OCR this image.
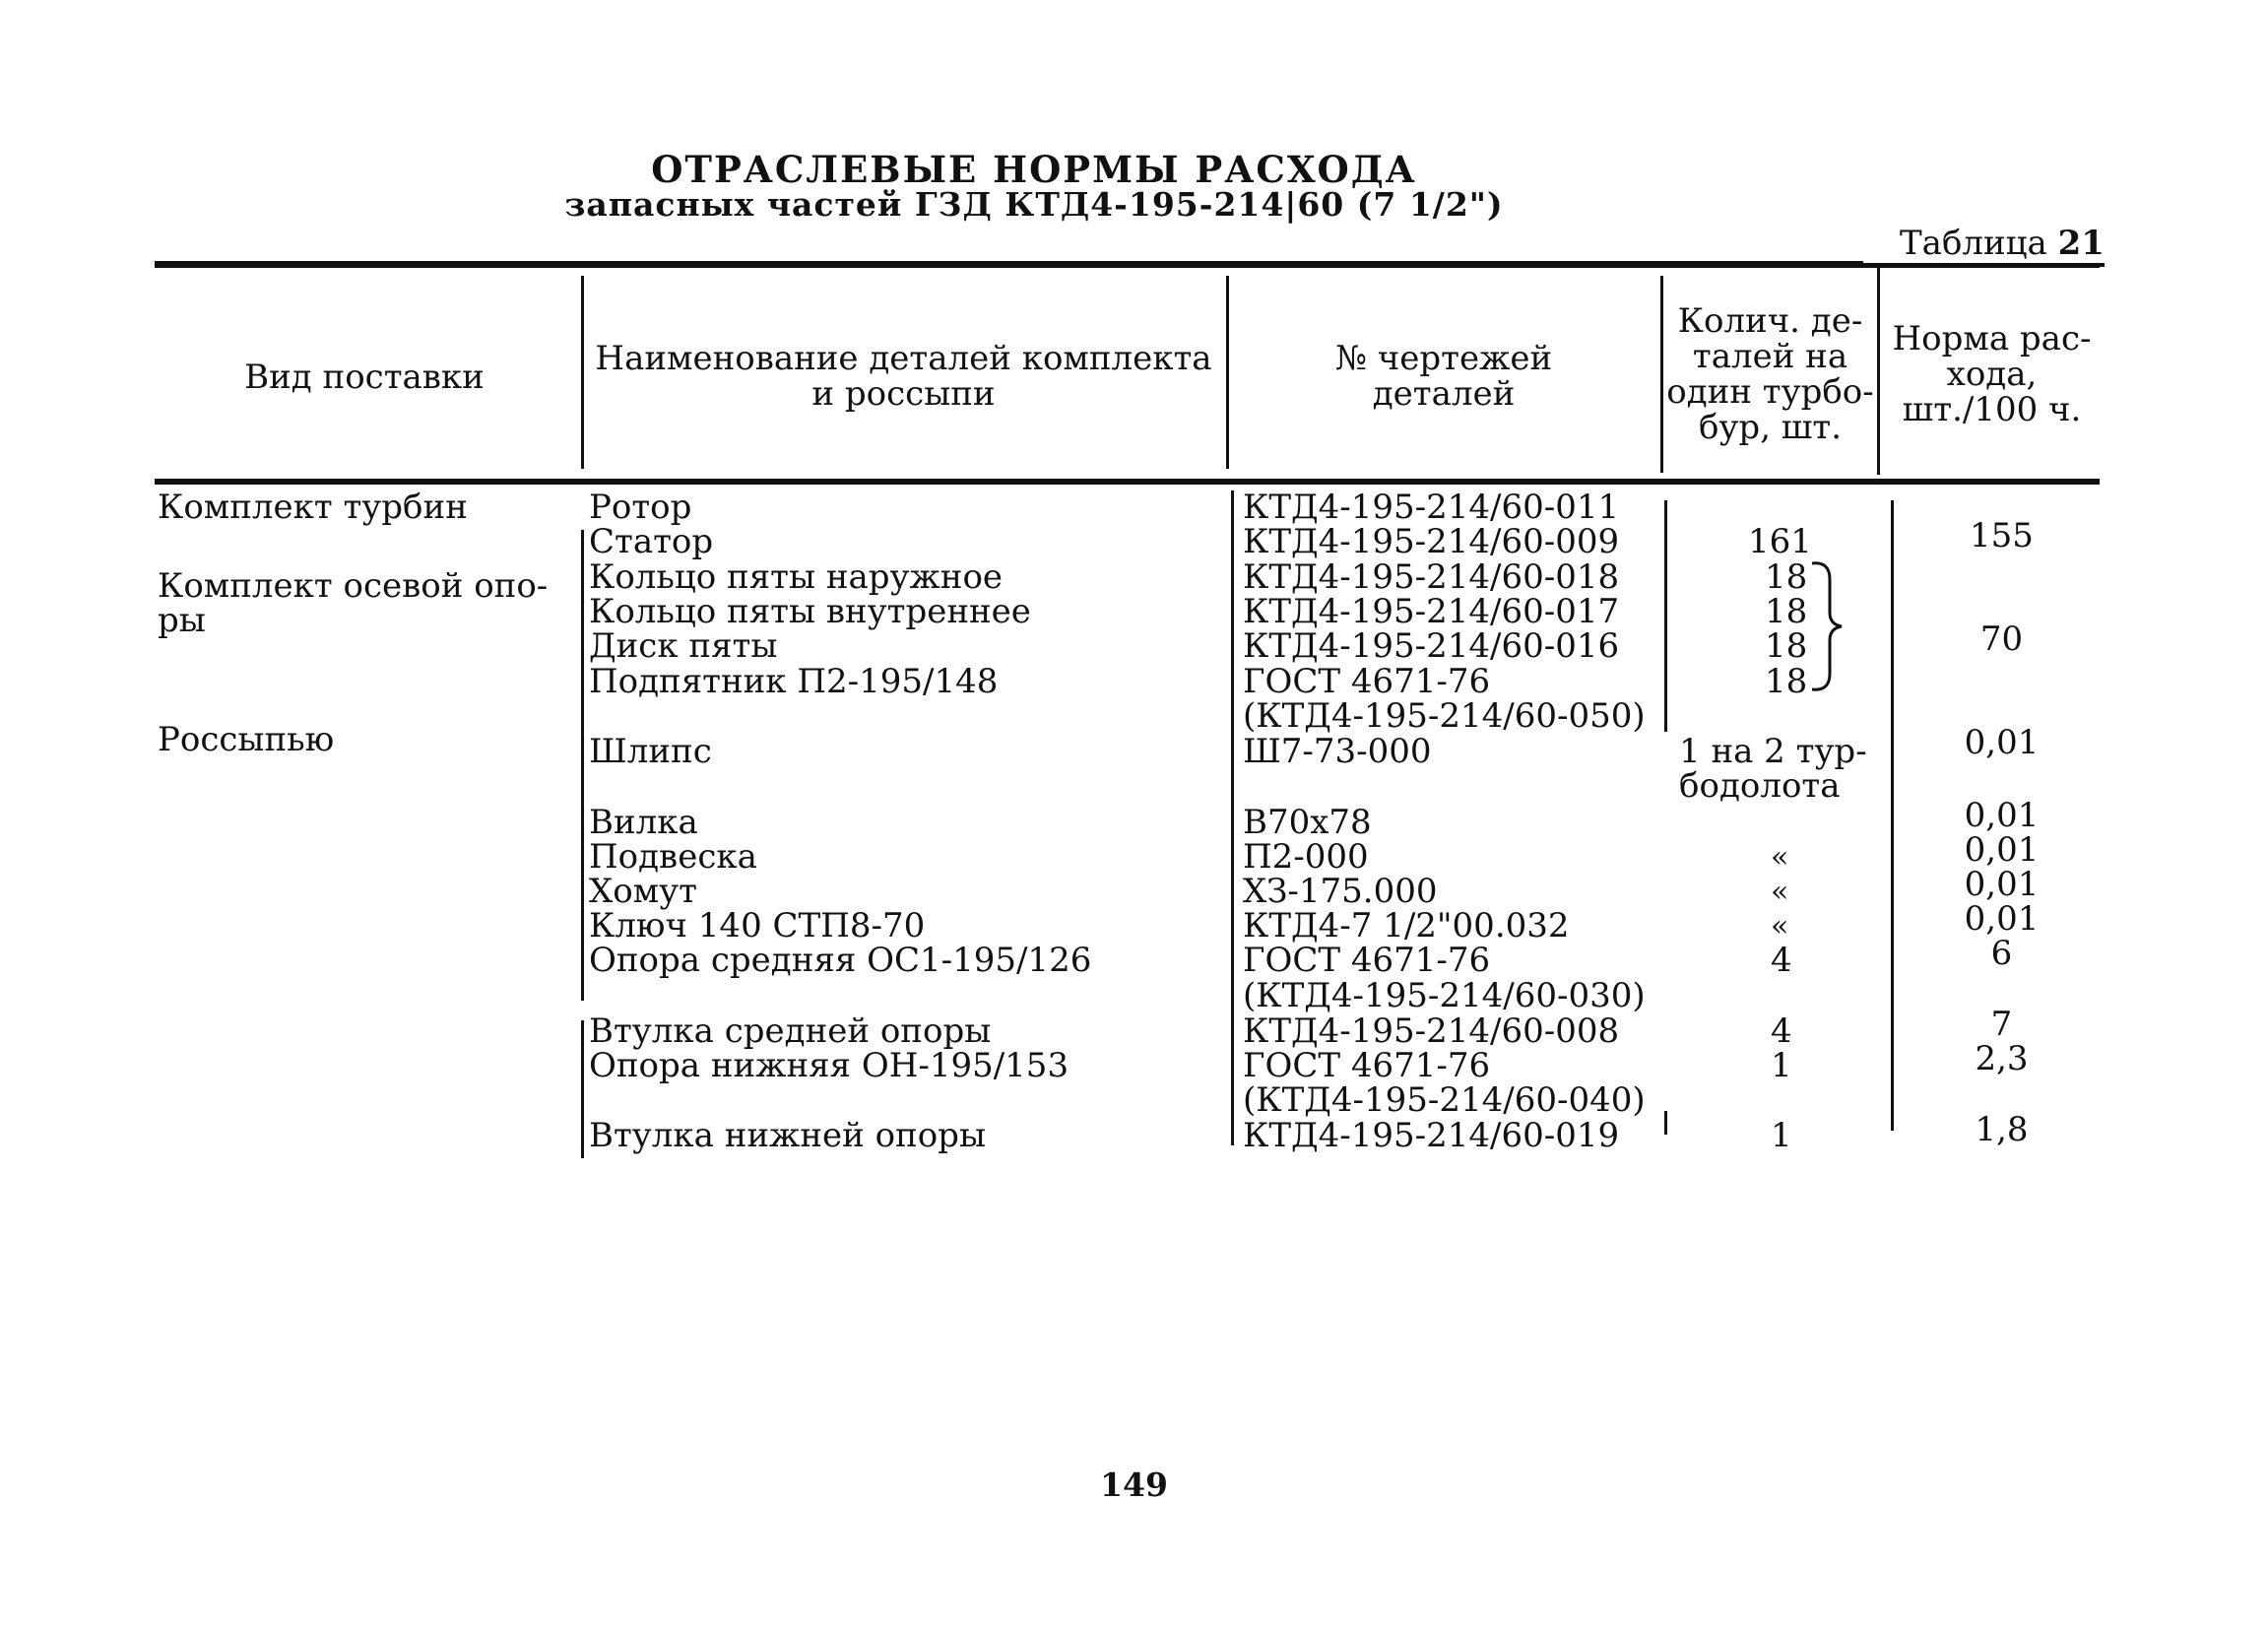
ОТРАСЛЕВЫЕ НОРМЫ РАСХОДА
запасных частей ГЗД КТД4-195-214|60 (7 1/2")
Таблица 21
Вид поставки	Наименование деталей комплекта
и россыпи
№ чертежей
деталей
Колич. де-
талей на
один турбо-
бур, шт.
Норма рас-
хода,
шт./100 ч.
Комплект турбин
Комплект осевой опо-
ры
Россыпью
Ротор
Статор
Кольцо пяты наружное
Кольцо пяты внутреннее
Диск пяты
Подпятник П2-195/148
Шлипс
Вилка
Подвеска
Хомут
Ключ 140 СТП8-70
Опора средняя ОС1-195/126
Втулка средней опоры
Опора нижняя ОН-195/153
Втулка нижней опоры
КТД4-195-214/60-011
КТД4-195-214/60-009
КТД4-195-214/60-018
КТД4-195-214/60-017
КТД4-195-214/60-016
ГОСТ 4671-76
(КТД4-195-214/60-050)
Ш7-73-000
В70х78
П2-000
ХЗ-175.000
КТД4-7 1/2"00.032
ГОСТ 4671-76
(КТД4-195-214/60-030)
КТД4-195-214/60-008
ГОСТ 4671-76
(КТД4-195-214/60-040)
КТД4-195-214/60-019
161
18
18
18
18
1 на 2 тур-
бодолота
«
«
«
4
4
1
1
155
70
0,01
0,01
0,01
0,01
0,01
6
7
2,3
1,8
149
